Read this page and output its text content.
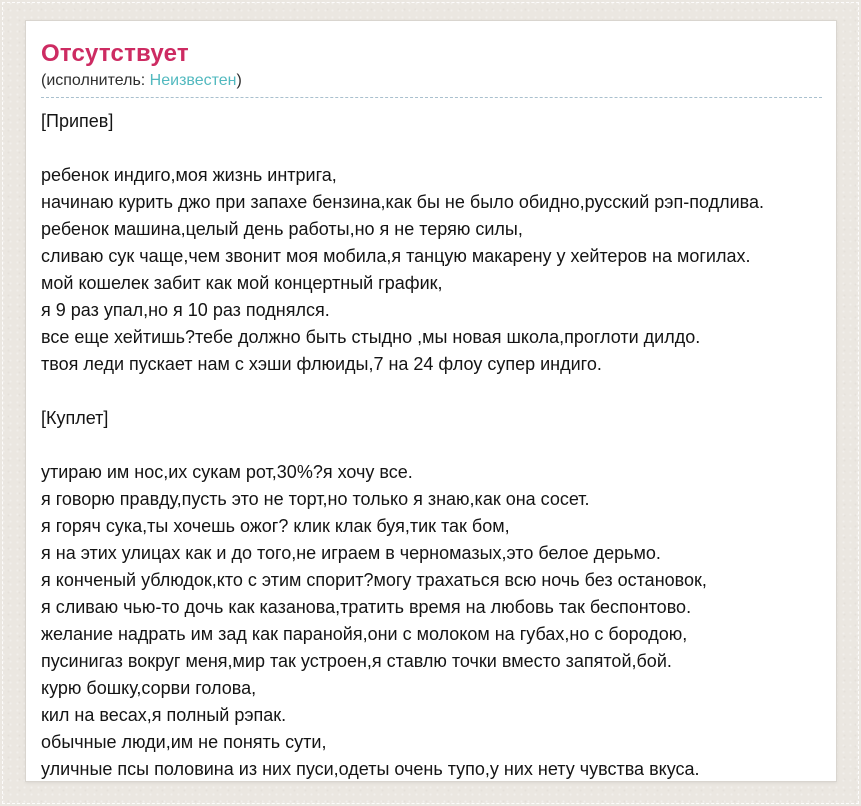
Отсутствует

(исполнитель: Неизвестен)

[Припев]
ребенок индиго,моя жизнь интрига,
начинаю курить джо при запахе бензина,как бы не было обидно,русский рэп-подлива.
ребенок машина,целый день работы,но я не теряю силы,
сливаю сук чаще,чем звонит моя мобила,я танцую макарену у хейтеров на могилах.
мой кошелек забит как мой концертный график,
я 9 раз упал,но я 10 раз поднялся.
все еще хейтишь?тебе должно быть стыдно ,мы новая школа,проглоти дилдо.
твоя леди пускает нам с хэши флюиды,7 на 24 флоу супер индиго.
[Куплет]
утираю им нос,их сукам рот,30%?я хочу все.
я говорю правду,пусть это не торт,но только я знаю,как она сосет.
я горяч сука,ты хочешь ожог? клик клак буя,тик так бом,
я на этих улицах как и до того,не играем в черномазых,это белое дерьмо.
я конченый ублюдок,кто с этим спорит?могу трахаться всю ночь без остановок,
я сливаю чью-то дочь как казанова,тратить время на любовь так беспонтово.
желание надрать им зад как паранойя,они с молоком на губах,но с бородою,
пусинигаз вокруг меня,мир так устроен,я ставлю точки вместо запятой,бой.
курю бошку,сорви голова,
кил на весах,я полный рэпак.
обычные люди,им не понять сути,
уличные псы половина из них пуси,одеты очень тупо,у них нету чувства вкуса.
